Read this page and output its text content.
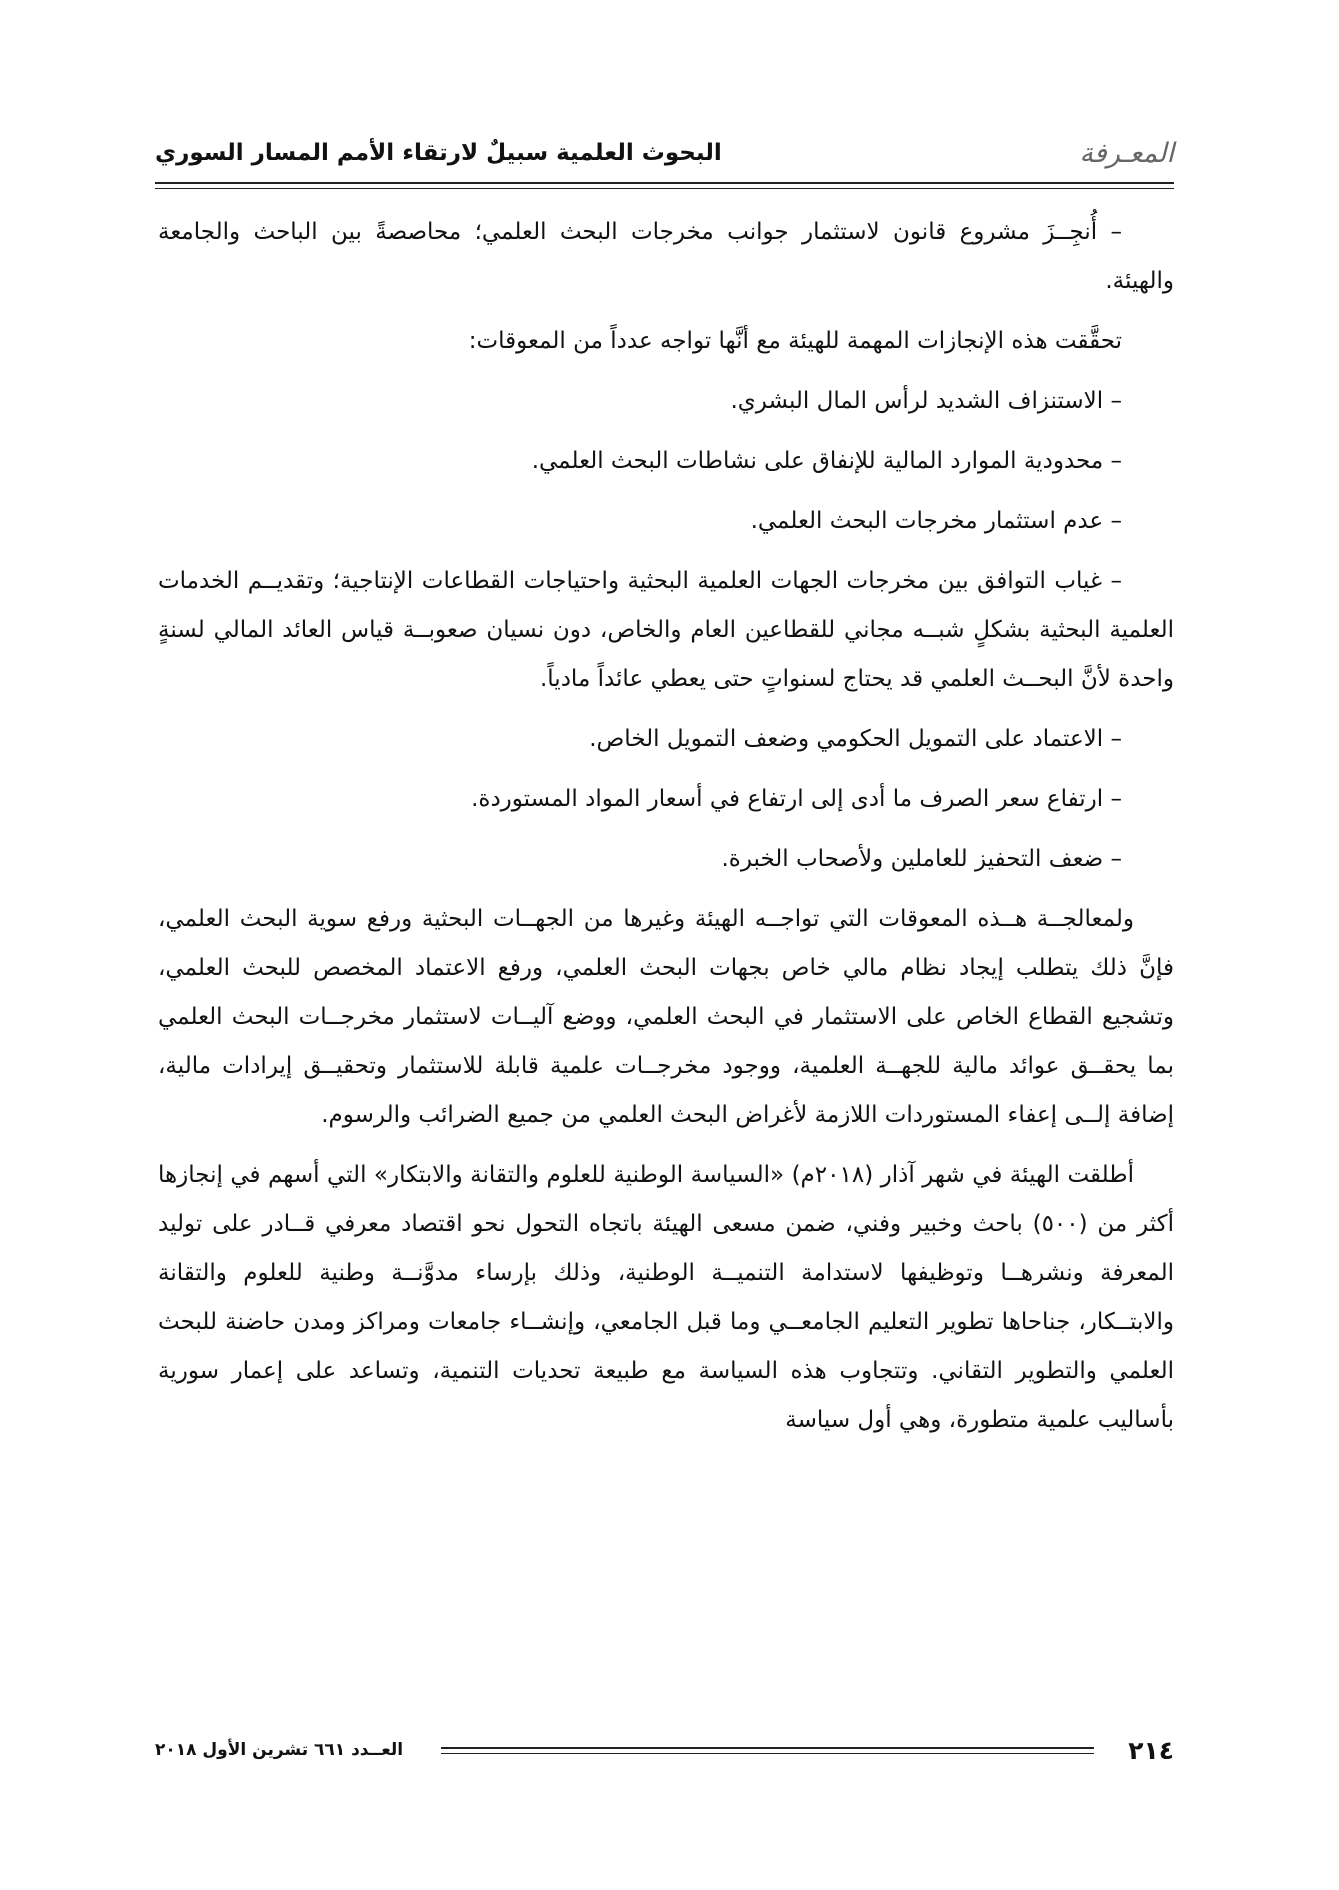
المعـرفة
البحوث العلمية سبيلٌ لارتقاء الأمم المسار السوري

– أُنجِــزَ مشروع قانون لاستثمار جوانب مخرجات البحث العلمي؛ محاصصةً بين الباحث والجامعة والهيئة.

تحقَّقت هذه الإنجازات المهمة للهيئة مع أنَّها تواجه عدداً من المعوقات:

– الاستنزاف الشديد لرأس المال البشري.

– محدودية الموارد المالية للإنفاق على نشاطات البحث العلمي.

– عدم استثمار مخرجات البحث العلمي.

– غياب التوافق بين مخرجات الجهات العلمية البحثية واحتياجات القطاعات الإنتاجية؛ وتقديــم الخدمات العلمية البحثية بشكلٍ شبــه مجاني للقطاعين العام والخاص، دون نسيان صعوبــة قياس العائد المالي لسنةٍ واحدة لأنَّ البحــث العلمي قد يحتاج لسنواتٍ حتى يعطي عائداً مادياً.

– الاعتماد على التمويل الحكومي وضعف التمويل الخاص.

– ارتفاع سعر الصرف ما أدى إلى ارتفاع في أسعار المواد المستوردة.

– ضعف التحفيز للعاملين ولأصحاب الخبرة.

ولمعالجــة هــذه المعوقات التي تواجــه الهيئة وغيرها من الجهــات البحثية ورفع سوية البحث العلمي، فإنَّ ذلك يتطلب إيجاد نظام مالي خاص بجهات البحث العلمي، ورفع الاعتماد المخصص للبحث العلمي، وتشجيع القطاع الخاص على الاستثمار في البحث العلمي، ووضع آليــات لاستثمار مخرجــات البحث العلمي بما يحقــق عوائد مالية للجهــة العلمية، ووجود مخرجــات علمية قابلة للاستثمار وتحقيــق إيرادات مالية، إضافة إلــى إعفاء المستوردات اللازمة لأغراض البحث العلمي من جميع الضرائب والرسوم.

أطلقت الهيئة في شهر آذار (٢٠١٨م) «السياسة الوطنية للعلوم والتقانة والابتكار» التي أسهم في إنجازها أكثر من (٥٠٠) باحث وخبير وفني، ضمن مسعى الهيئة باتجاه التحول نحو اقتصاد معرفي قــادر على توليد المعرفة ونشرهــا وتوظيفها لاستدامة التنميــة الوطنية، وذلك بإرساء مدوَّنــة وطنية للعلوم والتقانة والابتــكار، جناحاها تطوير التعليم الجامعــي وما قبل الجامعي، وإنشــاء جامعات ومراكز ومدن حاضنة للبحث العلمي والتطوير التقاني. وتتجاوب هذه السياسة مع طبيعة تحديات التنمية، وتساعد على إعمار سورية بأساليب علمية متطورة، وهي أول سياسة

٢١٤
العــدد ٦٦١ تشرين الأول ٢٠١٨
